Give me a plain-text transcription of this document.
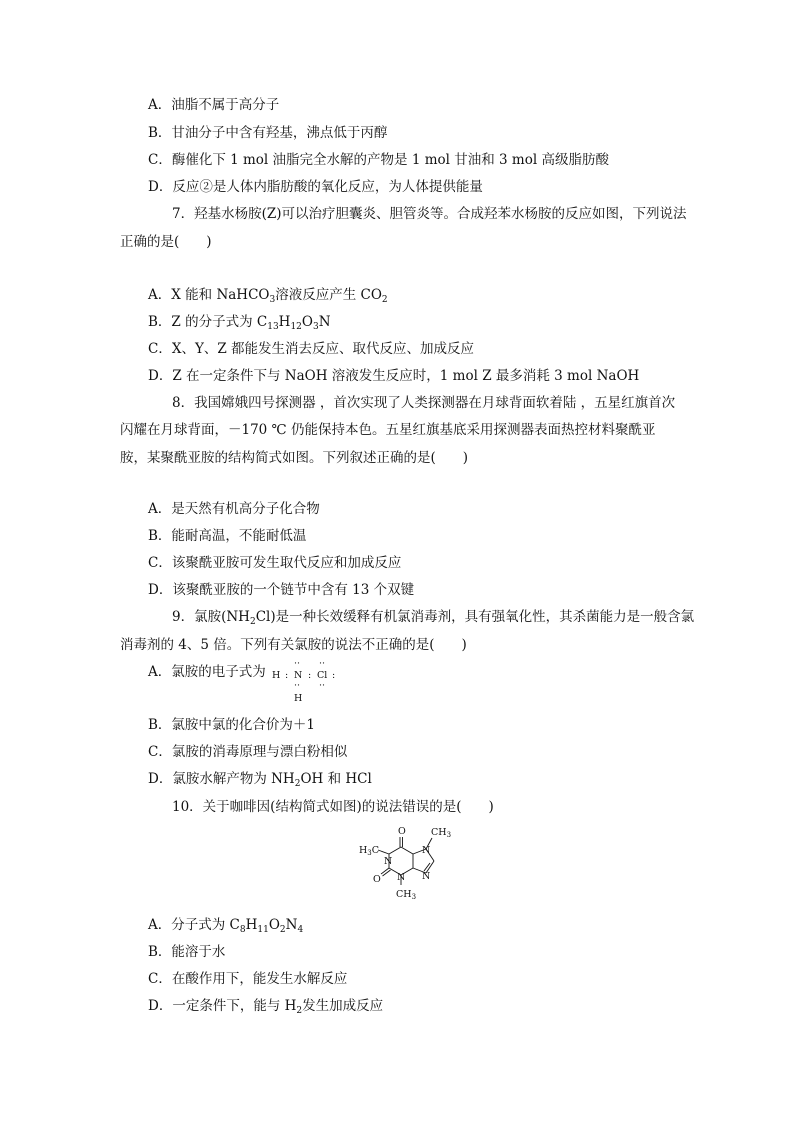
A．油脂不属于高分子
B．甘油分子中含有羟基，沸点低于丙醇
C．酶催化下 1 mol 油脂完全水解的产物是 1 mol 甘油和 3 mol 高级脂肪酸
D．反应②是人体内脂肪酸的氧化反应，为人体提供能量
7．羟基水杨胺(Z)可以治疗胆囊炎、胆管炎等。合成羟苯水杨胺的反应如图，下列说法
正确的是(　　)
A．X 能和 NaHCO$_3$溶液反应产生 $CO_2$
B．Z 的分子式为 $C_{13}H_{12}O_3N$
C．X、Y、Z 都能发生消去反应、取代反应、加成反应
D．Z 在一定条件下与 NaOH 溶液发生反应时，1 mol Z 最多消耗 3 mol NaOH
8．我国嫦娥四号探测器 ，首次实现了人类探测器在月球背面软着陆 ，五星红旗首次
闪耀在月球背面，－170 ℃ 仍能保持本色。五星红旗基底采用探测器表面热控材料聚酰亚
胺，某聚酰亚胺的结构简式如图。下列叙述正确的是(　　)
A．是天然有机高分子化合物
B．能耐高温，不能耐低温
C．该聚酰亚胺可发生取代反应和加成反应
D．该聚酰亚胺的一个链节中含有 13 个双键
9．氯胺$(NH_2Cl)$是一种长效缓释有机氯消毒剂，具有强氧化性，其杀菌能力是一般含氯
消毒剂的 4、5 倍。下列有关氯胺的说法不正确的是(　　)
A．氯胺的电子式为 H : N
··
: Cl
··
··
:
··
H
B．氯胺中氯的化合价为＋1
C．氯胺的消毒原理与漂白粉相似
D．氯胺水解产物为 $NH_2OH$ 和 HCl
10．关于咖啡因(结构简式如图)的说法错误的是(　　)
O
O
$CH_3$
$H_3C$
$CH_3$
N
N
N
N
A．分子式为 $C_8H_{11}O_2N_4$
B．能溶于水
C．在酸作用下，能发生水解反应
D．一定条件下，能与 $H_2$发生加成反应
